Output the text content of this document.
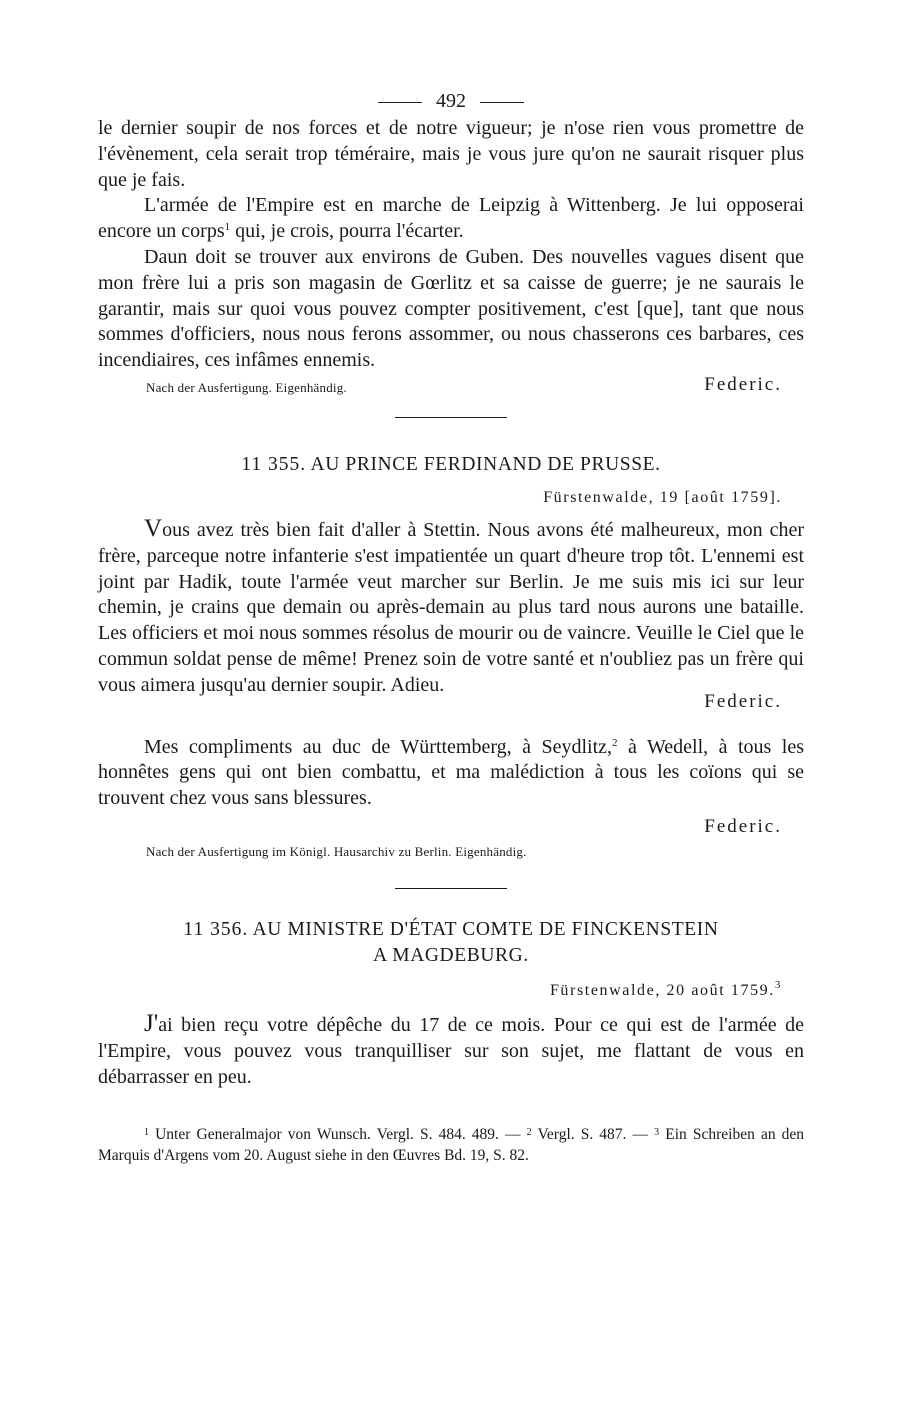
492

le dernier soupir de nos forces et de notre vigueur; je n'ose rien vous promettre de l'évènement, cela serait trop téméraire, mais je vous jure qu'on ne saurait risquer plus que je fais.

L'armée de l'Empire est en marche de Leipzig à Wittenberg. Je lui opposerai encore un corps$^1$ qui, je crois, pourra l'écarter.

Daun doit se trouver aux environs de Guben. Des nouvelles vagues disent que mon frère lui a pris son magasin de Gœrlitz et sa caisse de guerre; je ne saurais le garantir, mais sur quoi vous pouvez compter positivement, c'est [que], tant que nous sommes d'officiers, nous nous ferons assommer, ou nous chasserons ces barbares, ces incendiaires, ces infâmes ennemis.

Nach der Ausfertigung. Eigenhändig.	Federic.
11 355. AU PRINCE FERDINAND DE PRUSSE.
Fürstenwalde, 19 [août 1759].

Vous avez très bien fait d'aller à Stettin. Nous avons été malheureux, mon cher frère, parceque notre infanterie s'est impatientée un quart d'heure trop tôt. L'ennemi est joint par Hadik, toute l'armée veut marcher sur Berlin. Je me suis mis ici sur leur chemin, je crains que demain ou après-demain au plus tard nous aurons une bataille. Les officiers et moi nous sommes résolus de mourir ou de vaincre. Veuille le Ciel que le commun soldat pense de même! Prenez soin de votre santé et n'oubliez pas un frère qui vous aimera jusqu'au dernier soupir. Adieu.

Federic.

Mes compliments au duc de Württemberg, à Seydlitz,$^2$ à Wedell, à tous les honnêtes gens qui ont bien combattu, et ma malédiction à tous les coïons qui se trouvent chez vous sans blessures.

Federic.
Nach der Ausfertigung im Königl. Hausarchiv zu Berlin. Eigenhändig.
11 356. AU MINISTRE D'ÉTAT COMTE DE FINCKENSTEIN
A MAGDEBURG.
Fürstenwalde, 20 août 1759.$^3$

J'ai bien reçu votre dépêche du 17 de ce mois. Pour ce qui est de l'armée de l'Empire, vous pouvez vous tranquilliser sur son sujet, me flattant de vous en débarrasser en peu.

$^1$ Unter Generalmajor von Wunsch. Vergl. S. 484. 489. — $^2$ Vergl. S. 487. — $^3$ Ein Schreiben an den Marquis d'Argens vom 20. August siehe in den Œuvres Bd. 19, S. 82.
